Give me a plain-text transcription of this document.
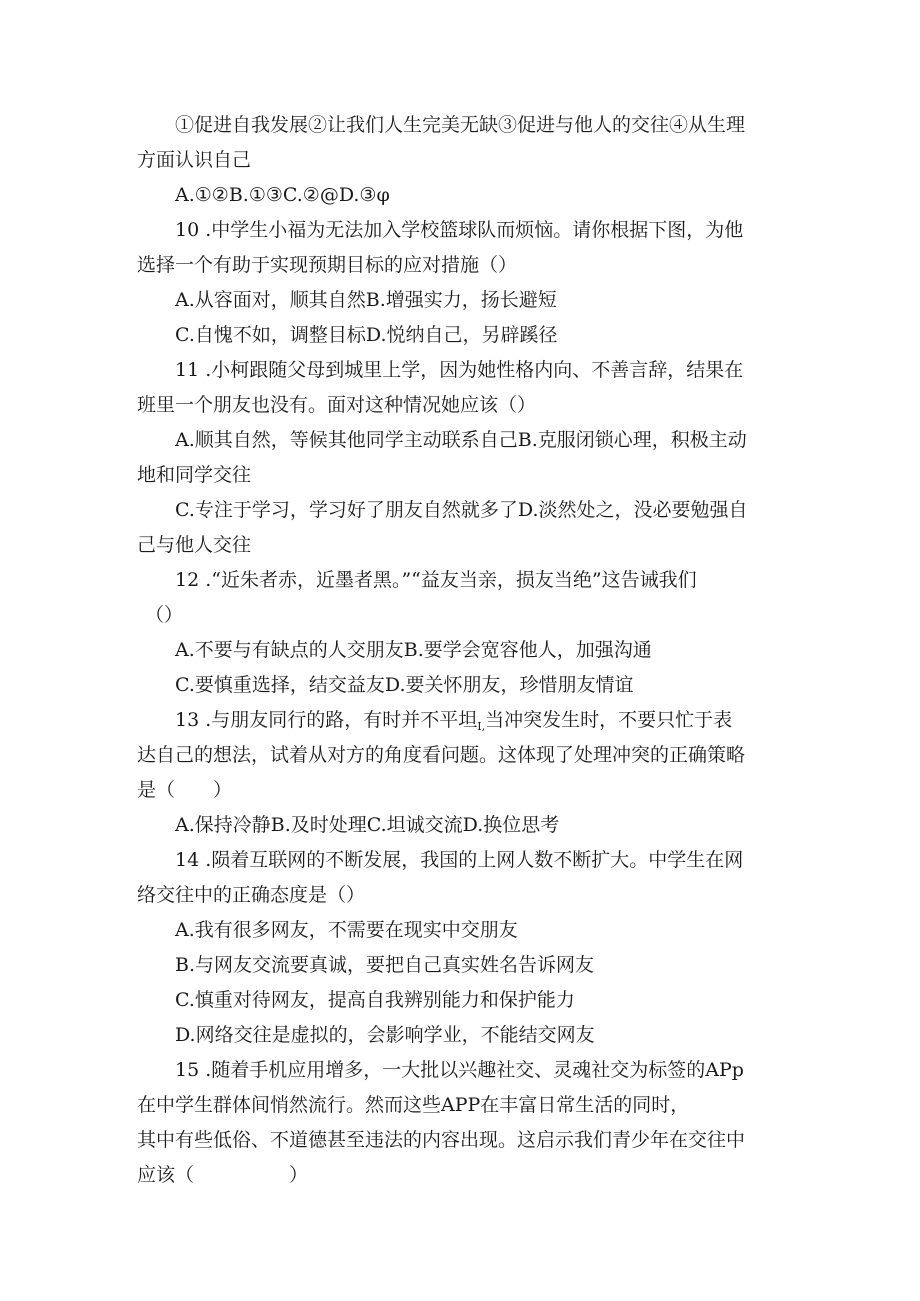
①促进自我发展②让我们人生完美无缺③促进与他人的交往④从生理
方面认识自己
A.①②B.①③C.②@D.③φ
10 .中学生小福为无法加入学校篮球队而烦恼。请你根据下图，为他
选择一个有助于实现预期目标的应对措施（）
A.从容面对，顺其自然B.增强实力，扬长避短
C.自愧不如，调整目标D.悦纳自己，另辟蹊径
11 .小柯跟随父母到城里上学，因为她性格内向、不善言辞，结果在
班里一个朋友也没有。面对这种情况她应该（）
A.顺其自然，等候其他同学主动联系自己B.克服闭锁心理，积极主动
地和同学交往
C.专注于学习，学习好了朋友自然就多了D.淡然处之，没必要勉强自
己与他人交往
12 .“近朱者赤，近墨者黑。”“益友当亲，损友当绝”这告诫我们
（）
A.不要与有缺点的人交朋友B.要学会宽容他人，加强沟通
C.要慎重选择，结交益友D.要关怀朋友，珍惜朋友情谊
13 .与朋友同行的路，有时并不平坦$_{I,}$当冲突发生时，不要只忙于表
达自己的想法，试着从对方的角度看问题。这体现了处理冲突的正确策略
是（　　）
A.保持冷静B.及时处理C.坦诚交流D.换位思考
14 .陨着互联网的不断发展，我国的上网人数不断扩大。中学生在网
络交往中的正确态度是（）
A.我有很多网友，不需要在现实中交朋友
B.与网友交流要真诚，要把自己真实姓名告诉网友
C.慎重对待网友，提高自我辨别能力和保护能力
D.网络交往是虚拟的，会影响学业，不能结交网友
15 .随着手机应用增多，一大批以兴趣社交、灵魂社交为标签的APp
在中学生群体间悄然流行。然而这些APP在丰富日常生活的同时，
其中有些低俗、不道德甚至违法的内容出现。这启示我们青少年在交往中
应该（　　　　　）
